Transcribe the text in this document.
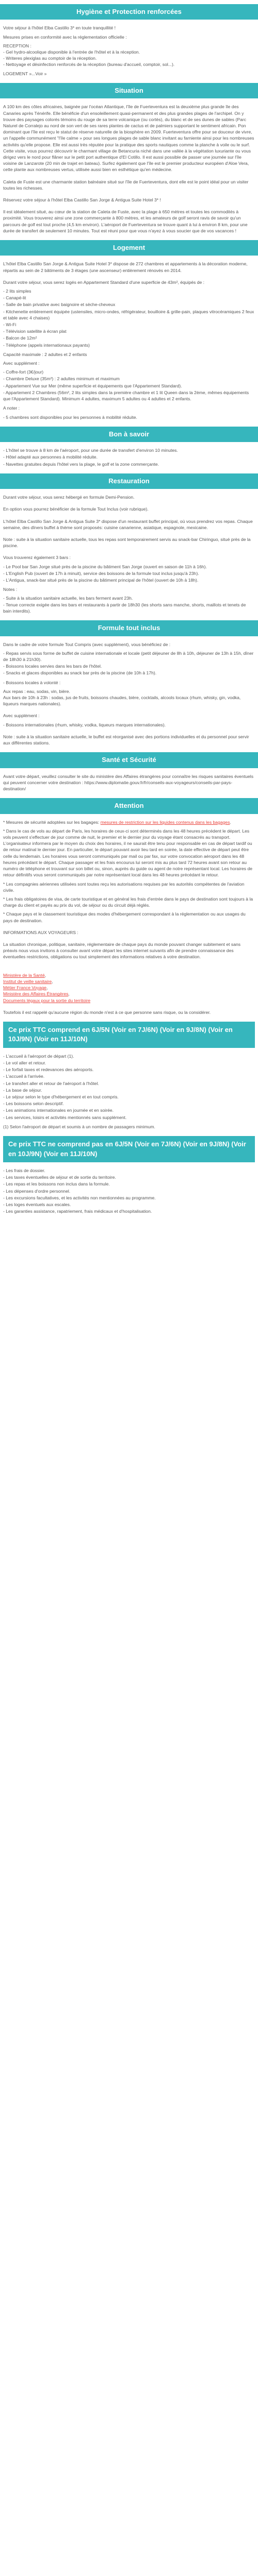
Hygiène et Protection renforcées

Votre séjour à l'hôtel Elba Castillo 3* en toute tranquillité !

Mesures prises en conformité avec la réglementation officielle :

RECEPTION :
- Gel hydro-alcoolique disponible à l'entrée de l'hôtel et à la réception.
- Writeres plexiglas au comptoir de la réception.
- Nettoyage et désinfection renforcés de la réception (bureau d'accueil, comptoir, sol...).

LOGEMENT »...Voir »

Situation

A 100 km des côtes africaines, baignée par l'océan Atlantique, l'île de Fuerteventura est la deuxième plus grande île des Canaries après Ténérife. Elle bénéficie d'un ensoleillement quasi-permanent et des plus grandes plages de l'archipel. On y trouve des paysages colorés témoins du rouge de sa terre volcanique (ou cortès), du blanc et de ses dunes de sables (Parc Naturel de Corralejo au nord de son vert de ses rares plantes de cactus et de palmiers supportant le sentiment africain. Pon dominant que l'île est reçu le statut de réserve naturelle de la biosphère en 2009. Fuerteventura offre pour se douceur de vivre, un l'appelle communément "l'île calme » pour ses longues plages de sable blanc invitant au farniente ainsi pour les nombreuses activités qu'elle propose. Elle est aussi très réputée pour la pratique des sports nautiques comme la planche à voile ou le surf. Cette visite, vous pourrez découvrir le charmant village de Betancuria niché dans une vallée à la végétation luxuriante ou vous dirigez vers le nord pour flâner sur le petit port authentique d'El Cotillo. Il est aussi possible de passer une journée sur l'île voisine de Lanzarote (20 min de trajet en bateau). Surfez également que l'île est le premier producteur européen d'Aloe Vera, cette plante aux nombreuses vertus, utilisée aussi bien en esthétique qu'en médecine.

Caleta de Fuste est une charmante station balnéaire situé sur l'île de Fuerteventura, dont elle est le point idéal pour un visiter toutes les richesses.

Réservez votre séjour à l'hôtel Elba Castillo San Jorge & Antigua Suite Hotel 3* !

Il est idéalement situé, au cœur de la station de Caleta de Fuste, avec la plage à 650 mètres et toutes les commodités à proximité. Vous trouverez ainsi une zone commerçante à 800 mètres, et les amateurs de golf seront ravis de savoir qu'un parcours de golf est tout proche (4,5 km environ). L'aéroport de Fuerteventura se trouve quant à lui à environ 8 km, pour une durée de transfert de seulement 10 minutes. Tout est réuni pour que vous n'ayez à vous soucier que de vos vacances !

Logement

L'hôtel Elba Castillo San Jorge & Antigua Suite Hotel 3* dispose de 272 chambres et appartements à la décoration moderne, répartis au sein de 2 bâtiments de 3 étages (une ascenseur) entièrement rénovés en 2014.

Durant votre séjour, vous serez logés en Appartement Standard d'une superficie de 43m², équipés de :

- 2 lits simples
- Canapé-lit
- Salle de bain privative avec baignoire et sèche-cheveux
- Kitchenette entièrement équipée (ustensiles, micro-ondes, réfrigérateur, bouilloire & grille-pain, plaques vitrocéramiques 2 feux et table avec 4 chaises)
- Wi-Fi
- Télévision satellite à écran plat
- Balcon de 12m²
- Téléphone (appels internationaux payants)

Capacité maximale : 2 adultes et 2 enfants

Avec supplément :

- Coffre-fort (3€/jour)
- Chambre Deluxe (35m²) : 2 adultes minimum et maximum
- Appartement Vue sur Mer (même superficie et équipements que l'Appartement Standard).
- Appartement 2 Chambres (56m², 2 lits simples dans la première chambre et 1 lit Queen dans la 2ème, mêmes équipements que l'Appartement Standard). Minimum 4 adultes, maximum 5 adultes ou 4 adultes et 2 enfants.

A noter :

- 5 chambres sont disponibles pour les personnes à mobilité réduite.

Bon à savoir
- L'hôtel se trouve à 8 km de l'aéroport, pour une durée de transfert d'environ 10 minutes.
- Hôtel adapté aux personnes à mobilité réduite.
- Navettes gratuites depuis l'hôtel vers la plage, le golf et la zone commerçante.
Restauration

Durant votre séjour, vous serez hébergé en formule Demi-Pension.

En option vous pourrez bénéficier de la formule Tout Inclus (voir rubrique).

L'hôtel Elba Castillo San Jorge & Antigua Suite 3* dispose d'un restaurant buffet principal, où vous prendrez vos repas. Chaque semaine, des dîners buffet à thème sont proposés: cuisine canarienne, asiatique, espagnole, mexicaine.

Note : suite à la situation sanitaire actuelle, tous les repas sont temporairement servis au snack-bar Chiringuo, situé près de la piscine.

Vous trouverez également 3 bars :

- Le Pool bar San Jorge situé près de la piscine du bâtiment San Jorge (ouvert en saison de 11h à 16h).
- L'English Pub (ouvert de 17h à minuit), service des boissons de la formule tout inclus jusqu'à 23h).
- L'Antigua, snack-bar situé près de la piscine du bâtiment principal de l'hôtel (ouvert de 10h à 18h).

Notes :

- Suite à la situation sanitaire actuelle, les bars ferment avant 23h.
- Tenue correcte exigée dans les bars et restaurants à partir de 18h30 (les shorts sans manche, shorts, maillots et tenets de bain interdits).

Formule tout inclus

Dans le cadre de votre formule Tout Compris (avec supplément), vous bénéficiez de :

- Repas servis sous forme de buffet de cuisine internationale et locale (petit déjeuner de 8h à 10h, déjeuner de 13h à 15h, dîner de 18h30 à 21h30).
- Boissons locales servies dans les bars de l'hôtel.
- Snacks et glaces disponibles au snack bar près de la piscine (de 10h à 17h).

- Boissons locales à volonté :

Aux repas : eau, sodas, vin, bière.
Aux bars de 10h à 23h : sodas, jus de fruits, boissons chaudes, bière, cocktails, alcools locaux (rhum, whisky, gin, vodka, liqueurs marques nationales).

Avec supplément :

- Boissons internationales (rhum, whisky, vodka, liqueurs marques internationales).

Note : suite à la situation sanitaire actuelle, le buffet est réorganisé avec des portions individuelles et du personnel pour servir aux différentes stations.

Santé et Sécurité

Avant votre départ, veuillez consulter le site du ministère des Affaires étrangères pour connaître les risques sanitaires éventuels qui peuvent concerner votre destination : https://www.diplomatie.gouv.fr/fr/conseils-aux-voyageurs/conseils-par-pays-destination/

Attention

* Mesures de sécurité adoptées sur les bagages: mesures de restriction sur les liquides contenus dans les bagages.

* Dans le cas de vols au départ de Paris, les horaires de ceux-ci sont déterminés dans les 48 heures précédent le départ. Les vols peuvent s'effectuer de jour comme de nuit, le premier et le dernier jour du voyage étant consacrés au transport. L'organisateur informera par le moyen du choix des horaires, il ne saurait être tenu pour responsable en cas de départ tardif ou de retour matinal le dernier jour. En particulier, le départ pouvant avoir lieu tard en soirée, la date effective de départ peut être celle du lendemain. Les horaires vous seront communiqués par mail ou par fax, sur votre convocation aéroport dans les 48 heures précédant le départ. Chaque passager et les frais encourus lui seront mis au plus tard 72 heures avant son retour au numéro de téléphone et trouvant sur son billet ou, sinon, auprès du guide ou agent de notre représentant local. Les horaires de retour définitifs vous seront communiqués par notre représentant local dans les 48 heures précédant le retour.

* Les compagnies aériennes utilisées sont toutes reçu les autorisations requises par les autorités compétentes de l'aviation civile.

* Les frais obligatoires de visa, de carte touristique et en général les frais d'entrée dans le pays de destination sont toujours à la charge du client et payés au prix du vol, de séjour ou du circuit déjà réglés.

* Chaque pays et le classement touristique des modes d'hébergement correspondant à la réglementation ou aux usages du pays de destination.

INFORMATIONS AUX VOYAGEURS :

La situation chronique, politique, sanitaire, réglementaire de chaque pays du monde pouvant changer subitement et sans préavis nous vous invitons à consulter avant votre départ les sites internet suivants afin de prendre connaissance des éventuelles restrictions, obligations ou tout simplement des informations relatives à votre destination.

Ministère de la Santé,
Institut de veille sanitaire,
Métier France Voyage,
Ministère des Affaires Étrangères,
Documents légaux pour la sortie du territoire

Toutefois il est rappelé qu'aucune région du monde n'est à ce que personne sans risque, ou la considérer.

Ce prix TTC comprend en 6J/5N (Voir en 7J/6N) (Voir en 9J/8N) (Voir en 10J/9N) (Voir en 11J/10N)
- L'accueil à l'aéroport de départ (1).
- Le vol aller et retour.
- Le forfait taxes et redevances des aéroports.
- L'accueil à l'arrivée.
- Le transfert aller et retour de l'aéroport à l'hôtel.
- La base de séjour.
- Le séjour selon le type d'hébergement et en tout compris.
- Les boissons selon descriptif.
- Les animations internationales en journée et en soirée.
- Les services, loisirs et activités mentionnés sans supplément.

(1) Selon l'aéroport de départ et soumis à un nombre de passagers minimum.

Ce prix TTC ne comprend pas en 6J/5N (Voir en 7J/6N) (Voir en 9J/8N) (Voir en 10J/9N) (Voir en 11J/10N)
- Les frais de dossier.
- Les taxes éventuelles de séjour et de sortie du territoire.
- Les repas et les boissons non inclus dans la formule.
- Les dépenses d'ordre personnel.
- Les excursions facultatives, et les activités non mentionnées au programme.
- Les loges éventuels aux escales.
- Les garanties assistance, rapatriement, frais médicaux et d'hospitalisation.
